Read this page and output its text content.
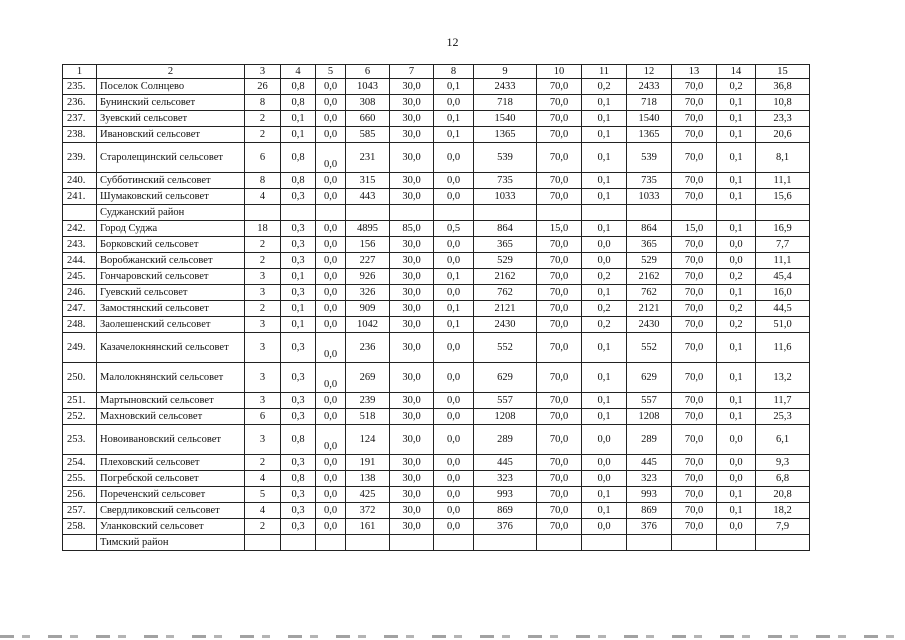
12
1	2	3	4	5	6	7	8	9	10	11	12	13	14	15
235.	Поселок Солнцево	26	0,8	0,0	1043	30,0	0,1	2433	70,0	0,2	2433	70,0	0,2	36,8
236.	Бунинский сельсовет	8	0,8	0,0	308	30,0	0,0	718	70,0	0,1	718	70,0	0,1	10,8
237.	Зуевский сельсовет	2	0,1	0,0	660	30,0	0,1	1540	70,0	0,1	1540	70,0	0,1	23,3
238.	Ивановский сельсовет	2	0,1	0,0	585	30,0	0,1	1365	70,0	0,1	1365	70,0	0,1	20,6
239.	Старолещинский сельсовет	6	0,8	0,0	231	30,0	0,0	539	70,0	0,1	539	70,0	0,1	8,1
240.	Субботинский сельсовет	8	0,8	0,0	315	30,0	0,0	735	70,0	0,1	735	70,0	0,1	11,1
241.	Шумаковский сельсовет	4	0,3	0,0	443	30,0	0,0	1033	70,0	0,1	1033	70,0	0,1	15,6
	Суджанский район													
242.	Город Суджа	18	0,3	0,0	4895	85,0	0,5	864	15,0	0,1	864	15,0	0,1	16,9
243.	Борковский сельсовет	2	0,3	0,0	156	30,0	0,0	365	70,0	0,0	365	70,0	0,0	7,7
244.	Воробжанский сельсовет	2	0,3	0,0	227	30,0	0,0	529	70,0	0,0	529	70,0	0,0	11,1
245.	Гончаровский сельсовет	3	0,1	0,0	926	30,0	0,1	2162	70,0	0,2	2162	70,0	0,2	45,4
246.	Гуевский сельсовет	3	0,3	0,0	326	30,0	0,0	762	70,0	0,1	762	70,0	0,1	16,0
247.	Замостянский сельсовет	2	0,1	0,0	909	30,0	0,1	2121	70,0	0,2	2121	70,0	0,2	44,5
248.	Заолешенский сельсовет	3	0,1	0,0	1042	30,0	0,1	2430	70,0	0,2	2430	70,0	0,2	51,0
249.	Казачелокнянский сельсовет	3	0,3	0,0	236	30,0	0,0	552	70,0	0,1	552	70,0	0,1	11,6
250.	Малолокнянский сельсовет	3	0,3	0,0	269	30,0	0,0	629	70,0	0,1	629	70,0	0,1	13,2
251.	Мартыновский сельсовет	3	0,3	0,0	239	30,0	0,0	557	70,0	0,1	557	70,0	0,1	11,7
252.	Махновский сельсовет	6	0,3	0,0	518	30,0	0,0	1208	70,0	0,1	1208	70,0	0,1	25,3
253.	Новоивановский сельсовет	3	0,8	0,0	124	30,0	0,0	289	70,0	0,0	289	70,0	0,0	6,1
254.	Плеховский сельсовет	2	0,3	0,0	191	30,0	0,0	445	70,0	0,0	445	70,0	0,0	9,3
255.	Погребской сельсовет	4	0,8	0,0	138	30,0	0,0	323	70,0	0,0	323	70,0	0,0	6,8
256.	Пореченский сельсовет	5	0,3	0,0	425	30,0	0,0	993	70,0	0,1	993	70,0	0,1	20,8
257.	Свердликовский сельсовет	4	0,3	0,0	372	30,0	0,0	869	70,0	0,1	869	70,0	0,1	18,2
258.	Уланковский сельсовет	2	0,3	0,0	161	30,0	0,0	376	70,0	0,0	376	70,0	0,0	7,9
	Тимский район													
